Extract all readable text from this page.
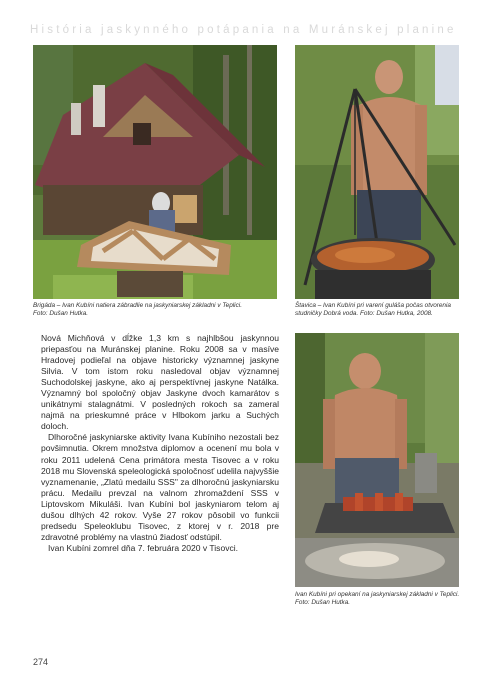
História jaskynného potápania na Muránskej planine
Brigáda – Ivan Kubíni natiera zábradlie na jaskyniarskej základni v Teplici.
Foto: Dušan Hutka.
Štavica – Ivan Kubíni pri varení guláša počas otvorenia
studničky Dobrá voda. Foto: Dušan Hutka, 2008.
Ivan Kubíni pri opekaní na jaskyniarskej základni v Teplici.
Foto: Dušan Hutka.

Nová Michňová v dĺžke 1,3 km s najhlbšou jaskynnou priepasťou na Muránskej planine. Roku 2008 sa v masíve Hradovej podieľal na objave historicky významnej jaskyne Silvia. V tom istom roku nasledoval objav významnej Suchodolskej jaskyne, ako aj perspektívnej jaskyne Natálka. Významný bol spoločný objav Jaskyne dvoch kamarátov s unikátnymi stalagnátmi. V posledných rokoch sa zameral najmä na prieskumné práce v Hlbokom jarku a Suchých doloch.

Dlhoročné jaskyniarske aktivity Ivana Kubíniho nezostali bez povšimnutia. Okrem množstva diplomov a ocenení mu bola v roku 2011 udelená Cena primátora mesta Tisovec a v roku 2018 mu Slovenská speleologická spoločnosť udelila najvyššie vyznamenanie, „Zlatú medailu SSS" za dlhoročnú jaskyniarsku prácu. Medailu prevzal na valnom zhromaždení SSS v Liptovskom Mikuláši. Ivan Kubíni bol jaskyniarom telom aj dušou dlhých 42 rokov. Vyše 27 rokov pôsobil vo funkcii predsedu Speleoklubu Tisovec, z ktorej v r. 2018 pre zdravotné problémy na vlastnú žiadosť odstúpil.

Ivan Kubíni zomrel dňa 7. februára 2020 v Tisovci.

274
